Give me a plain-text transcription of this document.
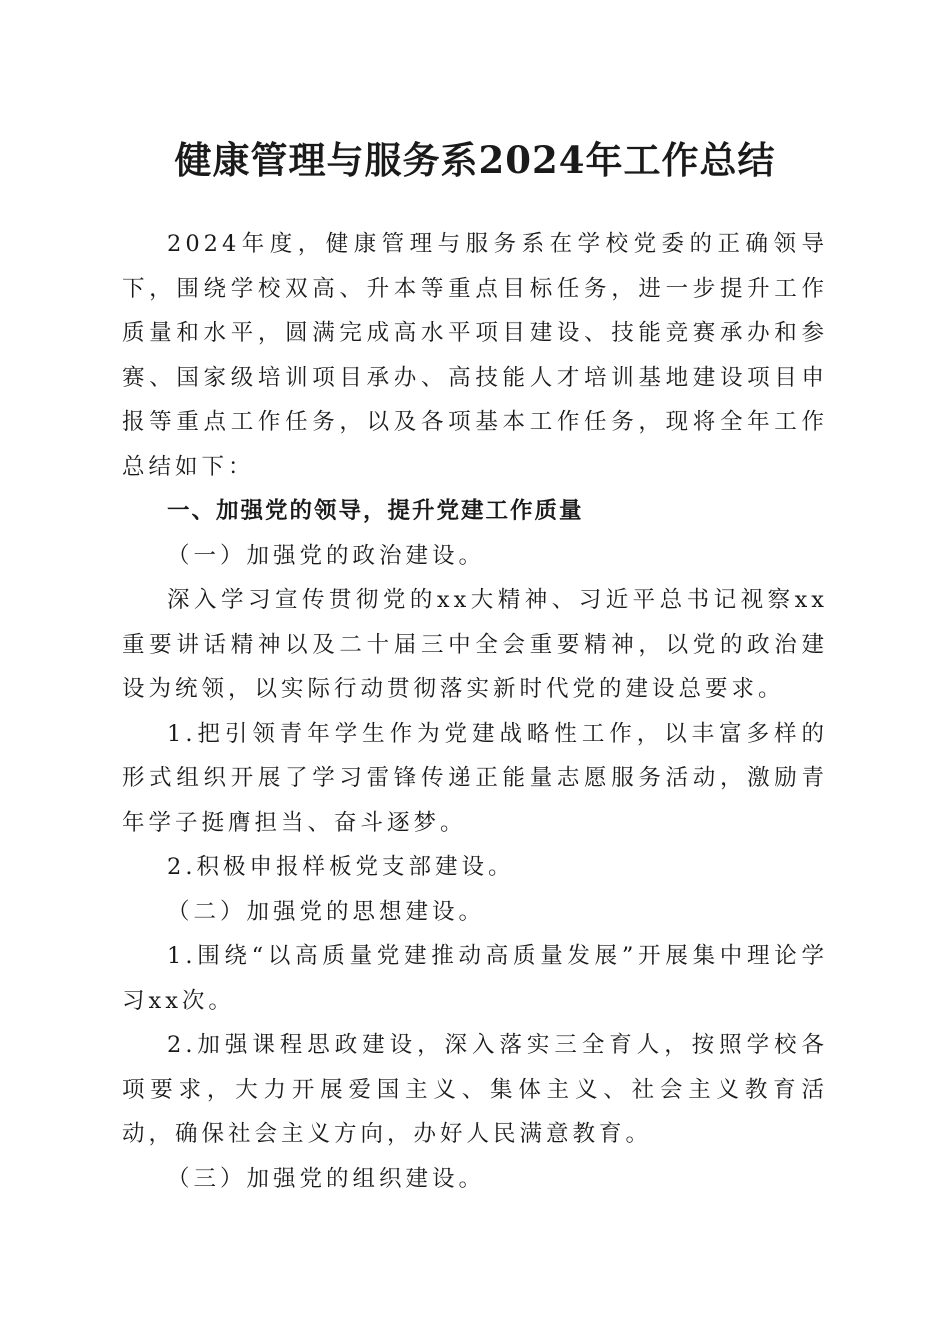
健康管理与服务系2024年工作总结

2024年度，健康管理与服务系在学校党委的正确领导下，围绕学校双高、升本等重点目标任务，进一步提升工作质量和水平，圆满完成高水平项目建设、技能竞赛承办和参赛、国家级培训项目承办、高技能人才培训基地建设项目申报等重点工作任务，以及各项基本工作任务，现将全年工作总结如下：

一、加强党的领导，提升党建工作质量

（一）加强党的政治建设。

深入学习宣传贯彻党的xx大精神、习近平总书记视察xx重要讲话精神以及二十届三中全会重要精神，以党的政治建设为统领，以实际行动贯彻落实新时代党的建设总要求。

1.把引领青年学生作为党建战略性工作，以丰富多样的形式组织开展了学习雷锋传递正能量志愿服务活动，激励青年学子挺膺担当、奋斗逐梦。

2.积极申报样板党支部建设。

（二）加强党的思想建设。

1.围绕“以高质量党建推动高质量发展”开展集中理论学习xx次。

2.加强课程思政建设，深入落实三全育人，按照学校各项要求，大力开展爱国主义、集体主义、社会主义教育活动，确保社会主义方向，办好人民满意教育。

（三）加强党的组织建设。
